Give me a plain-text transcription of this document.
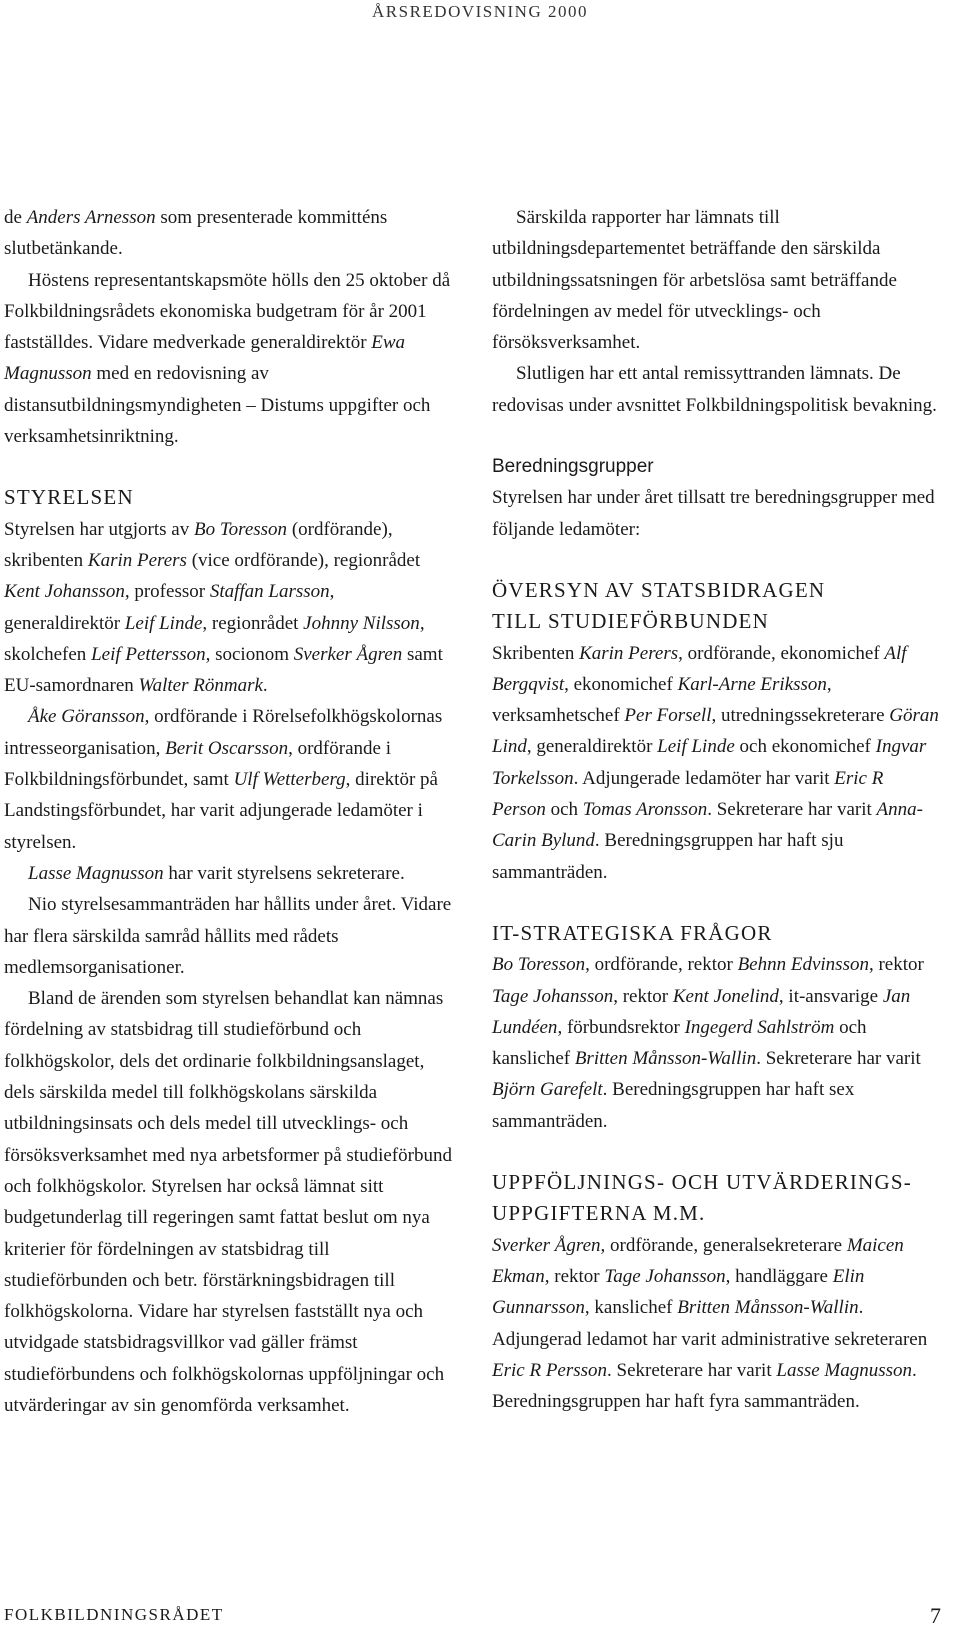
ÅRSREDOVISNING 2000

de Anders Arnesson som presenterade kommitténs slutbetänkande.

Höstens representantskapsmöte hölls den 25 oktober då Folkbildningsrådets ekonomiska budgetram för år 2001 fastställdes. Vidare medverkade generaldirektör Ewa Magnusson med en redovisning av distansutbildningsmyndigheten – Distums uppgifter och verksamhetsinriktning.

STYRELSEN

Styrelsen har utgjorts av Bo Toresson (ordförande), skribenten Karin Perers (vice ordförande), regionrådet Kent Johansson, professor Staffan Larsson, generaldirektör Leif Linde, regionrådet Johnny Nilsson, skolchefen Leif Pettersson, socionom Sverker Ågren samt EU-samordnaren Walter Rönmark.

Åke Göransson, ordförande i Rörelsefolkhögskolornas intresseorganisation, Berit Oscarsson, ordförande i Folkbildningsförbundet, samt Ulf Wetterberg, direktör på Landstingsförbundet, har varit adjungerade ledamöter i styrelsen.

Lasse Magnusson har varit styrelsens sekreterare.

Nio styrelsesammanträden har hållits under året. Vidare har flera särskilda samråd hållits med rådets medlemsorganisationer.

Bland de ärenden som styrelsen behandlat kan nämnas fördelning av statsbidrag till studieförbund och folkhögskolor, dels det ordinarie folkbildningsanslaget, dels särskilda medel till folkhögskolans särskilda utbildningsinsats och dels medel till utvecklings- och försöksverksamhet med nya arbetsformer på studieförbund och folkhögskolor. Styrelsen har också lämnat sitt budgetunderlag till regeringen samt fattat beslut om nya kriterier för fördelningen av statsbidrag till studieförbunden och betr. förstärkningsbidragen till folkhögskolorna. Vidare har styrelsen fastställt nya och utvidgade statsbidragsvillkor vad gäller främst studieförbundens och folkhögskolornas uppföljningar och utvärderingar av sin genomförda verksamhet.

Särskilda rapporter har lämnats till utbildningsdepartementet beträffande den särskilda utbildningssatsningen för arbetslösa samt beträffande fördelningen av medel för utvecklings- och försöksverksamhet.

Slutligen har ett antal remissyttranden lämnats. De redovisas under avsnittet Folkbildningspolitisk bevakning.

Beredningsgrupper

Styrelsen har under året tillsatt tre beredningsgrupper med följande ledamöter:

ÖVERSYN AV STATSBIDRAGEN
TILL STUDIEFÖRBUNDEN

Skribenten Karin Perers, ordförande, ekonomichef Alf Bergqvist, ekonomichef Karl-Arne Eriksson, verksamhetschef Per Forsell, utredningssekreterare Göran Lind, generaldirektör Leif Linde och ekonomichef Ingvar Torkelsson. Adjungerade ledamöter har varit Eric R Person och Tomas Aronsson. Sekreterare har varit Anna-Carin Bylund. Beredningsgruppen har haft sju sammanträden.

IT-STRATEGISKA FRÅGOR

Bo Toresson, ordförande, rektor Behnn Edvinsson, rektor Tage Johansson, rektor Kent Jonelind, it-ansvarige Jan Lundéen, förbundsrektor Ingegerd Sahlström och kanslichef Britten Månsson-Wallin. Sekreterare har varit Björn Garefelt. Beredningsgruppen har haft sex sammanträden.

UPPFÖLJNINGS- OCH UTVÄRDERINGS-
UPPGIFTERNA M.M.

Sverker Ågren, ordförande, generalsekreterare Maicen Ekman, rektor Tage Johansson, handläggare Elin Gunnarsson, kanslichef Britten Månsson-Wallin. Adjungerad ledamot har varit administrative sekreteraren Eric R Persson. Sekreterare har varit Lasse Magnusson. Beredningsgruppen har haft fyra sammanträden.

FOLKBILDNINGSRÅDET	7
